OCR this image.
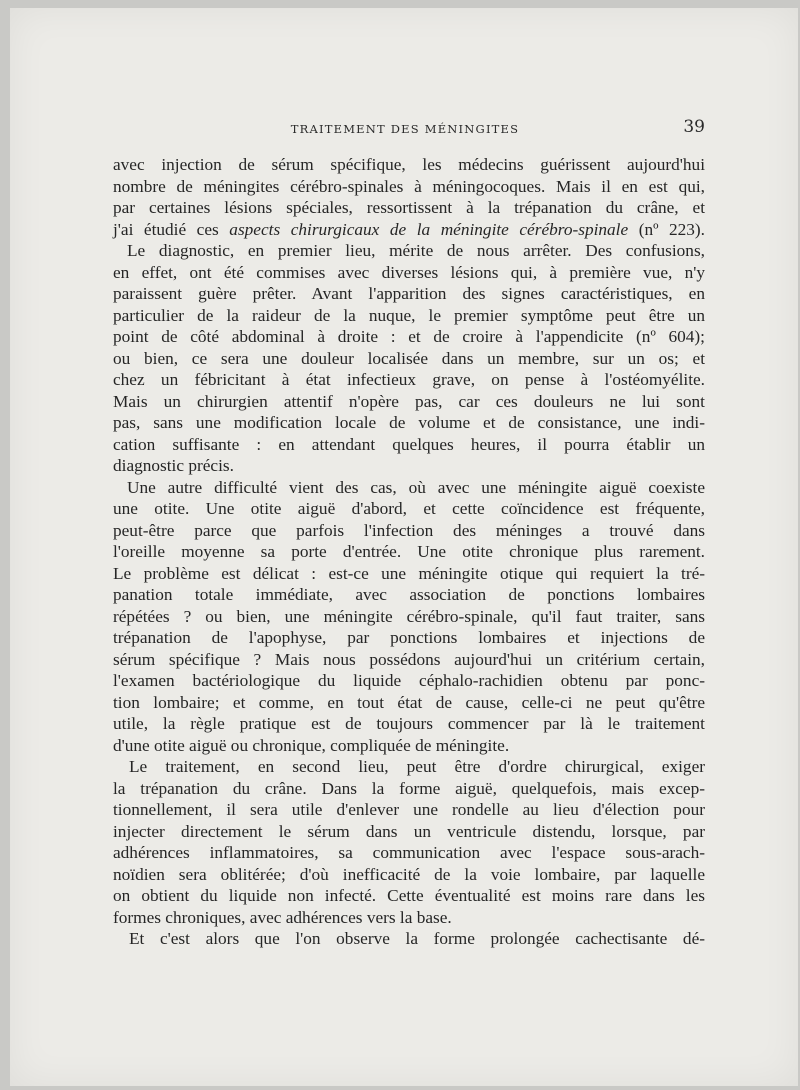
TRAITEMENT DES MÉNINGITES	39
avec injection de sérum spécifique, les médecins guérissent aujourd'hui
nombre de méningites cérébro-spinales à méningocoques. Mais il en est qui,
par certaines lésions spéciales, ressortissent à la trépanation du crâne, et
j'ai étudié ces aspects chirurgicaux de la méningite cérébro-spinale (nº 223).
Le diagnostic, en premier lieu, mérite de nous arrêter. Des confusions,
en effet, ont été commises avec diverses lésions qui, à première vue, n'y
paraissent guère prêter. Avant l'apparition des signes caractéristiques, en
particulier de la raideur de la nuque, le premier symptôme peut être un
point de côté abdominal à droite : et de croire à l'appendicite (nº 604);
ou bien, ce sera une douleur localisée dans un membre, sur un os; et
chez un fébricitant à état infectieux grave, on pense à l'ostéomyélite.
Mais un chirurgien attentif n'opère pas, car ces douleurs ne lui sont
pas, sans une modification locale de volume et de consistance, une indi-
cation suffisante : en attendant quelques heures, il pourra établir un
diagnostic précis.
Une autre difficulté vient des cas, où avec une méningite aiguë coexiste
une otite. Une otite aiguë d'abord, et cette coïncidence est fréquente,
peut-être parce que parfois l'infection des méninges a trouvé dans
l'oreille moyenne sa porte d'entrée. Une otite chronique plus rarement.
Le problème est délicat : est-ce une méningite otique qui requiert la tré-
panation totale immédiate, avec association de ponctions lombaires
répétées ? ou bien, une méningite cérébro-spinale, qu'il faut traiter, sans
trépanation de l'apophyse, par ponctions lombaires et injections de
sérum spécifique ? Mais nous possédons aujourd'hui un critérium certain,
l'examen bactériologique du liquide céphalo-rachidien obtenu par ponc-
tion lombaire; et comme, en tout état de cause, celle-ci ne peut qu'être
utile, la règle pratique est de toujours commencer par là le traitement
d'une otite aiguë ou chronique, compliquée de méningite.
Le traitement, en second lieu, peut être d'ordre chirurgical, exiger
la trépanation du crâne. Dans la forme aiguë, quelquefois, mais excep-
tionnellement, il sera utile d'enlever une rondelle au lieu d'élection pour
injecter directement le sérum dans un ventricule distendu, lorsque, par
adhérences inflammatoires, sa communication avec l'espace sous-arach-
noïdien sera oblitérée; d'où inefficacité de la voie lombaire, par laquelle
on obtient du liquide non infecté. Cette éventualité est moins rare dans les
formes chroniques, avec adhérences vers la base.
Et c'est alors que l'on observe la forme prolongée cachectisante dé-
